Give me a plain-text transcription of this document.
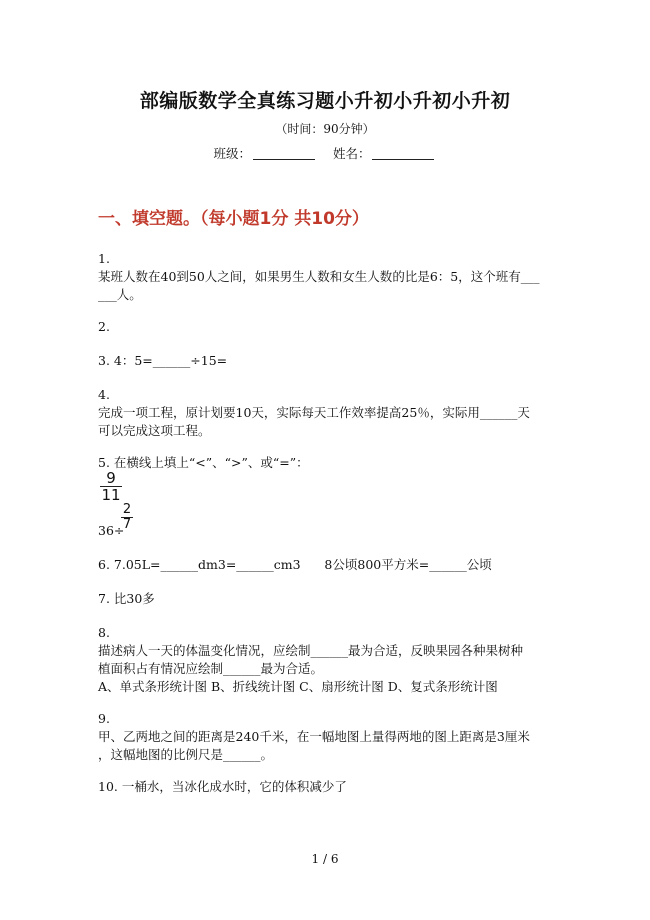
部编版数学全真练习题小升初小升初小升初
（时间：90分钟）
班级：	姓名：
一、填空题。（每小题1分 共10分）

1.

某班人数在40到50人之间，如果男生人数和女生人数的比是6：5，这个班有___

___人。

2.

3. 4：5=______÷15=

4.

完成一项工程，原计划要10天，实际每天工作效率提高25％，实际用______天

可以完成这项工程。

5. 在横线上填上“<”、“>”、或“=”：

9
11
2
7

36÷

6. 7.05L=______dm3=______cm3      8公顷800平方米=______公顷

7. 比30多

8.

描述病人一天的体温变化情况，应绘制______最为合适，反映果园各种果树种

植面积占有情况应绘制______最为合适。

A、单式条形统计图 B、折线统计图 C、扇形统计图 D、复式条形统计图

9.

甲、乙两地之间的距离是240千米，在一幅地图上量得两地的图上距离是3厘米

，这幅地图的比例尺是______。

10. 一桶水，当冰化成水时，它的体积减少了

1 / 6
